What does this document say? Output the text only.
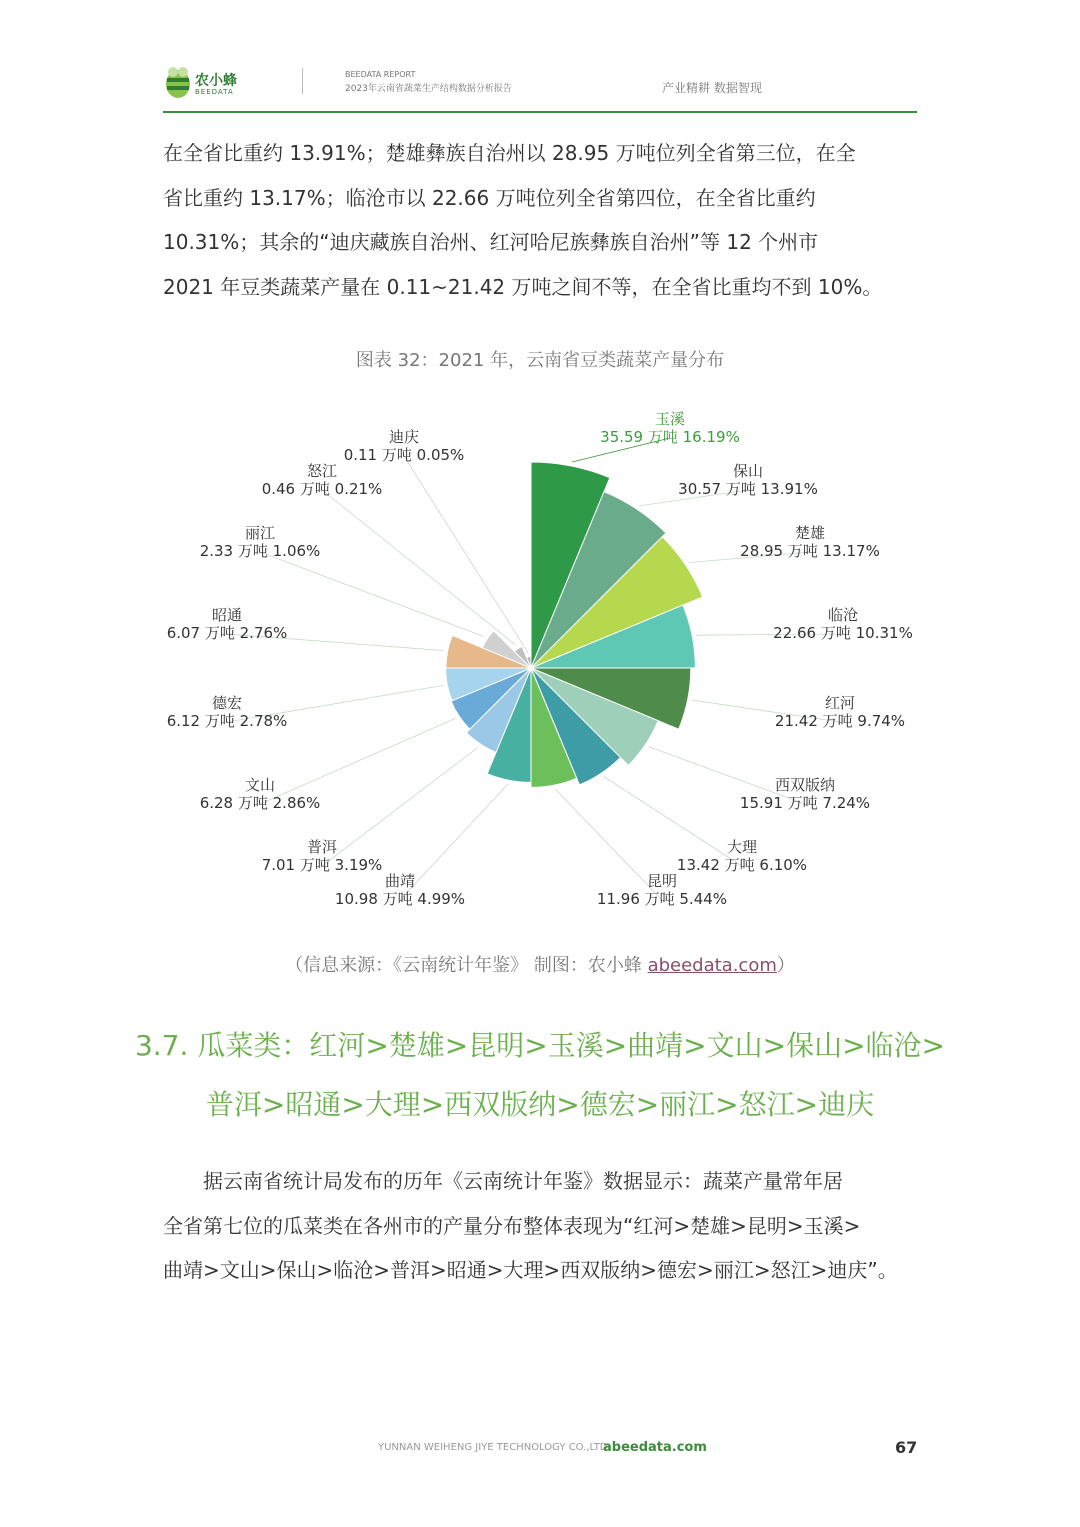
农小蜂
BEEDATA
BEEDATA REPORT
2023年云南省蔬菜生产结构数据分析报告	产业精耕 数据智现

在全省比重约 13.91%；楚雄彝族自治州以 28.95 万吨位列全省第三位，在全

省比重约 13.17%；临沧市以 22.66 万吨位列全省第四位，在全省比重约

10.31%；其余的“迪庆藏族自治州、红河哈尼族彝族自治州”等 12 个州市

2021 年豆类蔬菜产量在 0.11~21.42 万吨之间不等，在全省比重均不到 10%。

图表 32：2021 年，云南省豆类蔬菜产量分布
玉溪
35.59 万吨 16.19%
保山
30.57 万吨 13.91%
楚雄
28.95 万吨 13.17%
临沧
22.66 万吨 10.31%
红河
21.42 万吨 9.74%
西双版纳
15.91 万吨 7.24%
大理
13.42 万吨 6.10%
昆明
11.96 万吨 5.44%
曲靖
10.98 万吨 4.99%
普洱
7.01 万吨 3.19%
文山
6.28 万吨 2.86%
德宏
6.12 万吨 2.78%
昭通
6.07 万吨 2.76%
丽江
2.33 万吨 1.06%
怒江
0.46 万吨 0.21%
迪庆
0.11 万吨 0.05%
（信息来源：《云南统计年鉴》 制图：农小蜂 abeedata.com）
3.7. 瓜菜类：红河>楚雄>昆明>玉溪>曲靖>文山>保山>临沧>
普洱>昭通>大理>西双版纳>德宏>丽江>怒江>迪庆

　　据云南省统计局发布的历年《云南统计年鉴》数据显示：蔬菜产量常年居

全省第七位的瓜菜类在各州市的产量分布整体表现为“红河>楚雄>昆明>玉溪>

曲靖>文山>保山>临沧>普洱>昭通>大理>西双版纳>德宏>丽江>怒江>迪庆”。

YUNNAN WEIHENG JIYE TECHNOLOGY CO.,LTD.
abeedata.com	67
